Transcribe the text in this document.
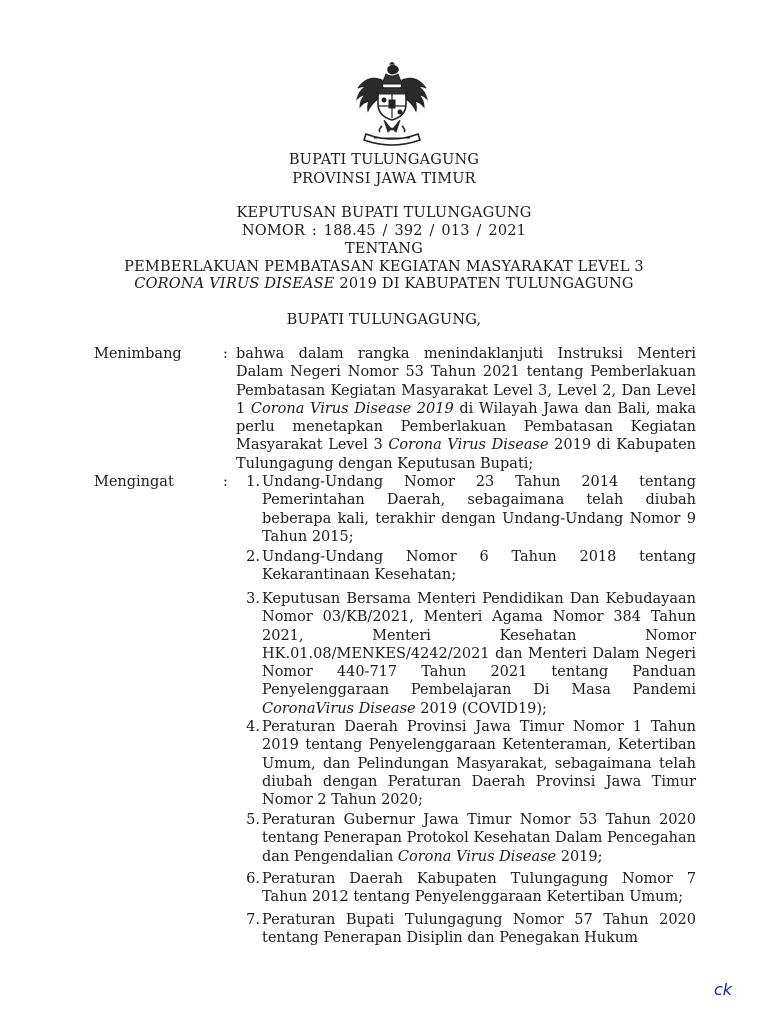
BUPATI TULUNGAGUNG
PROVINSI JAWA TIMUR
KEPUTUSAN BUPATI TULUNGAGUNG
NOMOR : 188.45 / 392 / 013 / 2021
TENTANG
PEMBERLAKUAN PEMBATASAN KEGIATAN MASYARAKAT LEVEL 3
CORONA VIRUS DISEASE 2019 DI KABUPATEN TULUNGAGUNG
BUPATI TULUNGAGUNG,
Menimbang	: bahwa dalam rangka menindaklanjuti Instruksi Menteri Dalam Negeri Nomor 53 Tahun 2021 tentang Pemberlakuan Pembatasan Kegiatan Masyarakat Level 3, Level 2, Dan Level 1 Corona Virus Disease 2019 di Wilayah Jawa dan Bali, maka perlu menetapkan Pemberlakuan Pembatasan Kegiatan Masyarakat Level 3 Corona Virus Disease 2019 di Kabupaten Tulungagung dengan Keputusan Bupati;
Mengingat	:	1. Undang-Undang Nomor 23 Tahun 2014 tentang Pemerintahan Daerah, sebagaimana telah diubah beberapa kali, terakhir dengan Undang-Undang Nomor 9 Tahun 2015;
2. Undang-Undang Nomor 6 Tahun 2018 tentang Kekarantinaan Kesehatan;
3. Keputusan Bersama Menteri Pendidikan Dan Kebudayaan Nomor 03/KB/2021, Menteri Agama Nomor 384 Tahun 2021, Menteri Kesehatan Nomor HK.01.08/MENKES/4242/2021 dan Menteri Dalam Negeri Nomor 440-717 Tahun 2021 tentang Panduan Penyelenggaraan Pembelajaran Di Masa Pandemi CoronaVirus Disease 2019 (COVID19);
4. Peraturan Daerah Provinsi Jawa Timur Nomor 1 Tahun 2019 tentang Penyelenggaraan Ketenteraman, Ketertiban Umum, dan Pelindungan Masyarakat, sebagaimana telah diubah dengan Peraturan Daerah Provinsi Jawa Timur Nomor 2 Tahun 2020;
5. Peraturan Gubernur Jawa Timur Nomor 53 Tahun 2020 tentang Penerapan Protokol Kesehatan Dalam Pencegahan dan Pengendalian Corona Virus Disease 2019;
6. Peraturan Daerah Kabupaten Tulungagung Nomor 7 Tahun 2012 tentang Penyelenggaraan Ketertiban Umum;
7. Peraturan Bupati Tulungagung Nomor 57 Tahun 2020 tentang Penerapan Disiplin dan Penegakan Hukum
ck
